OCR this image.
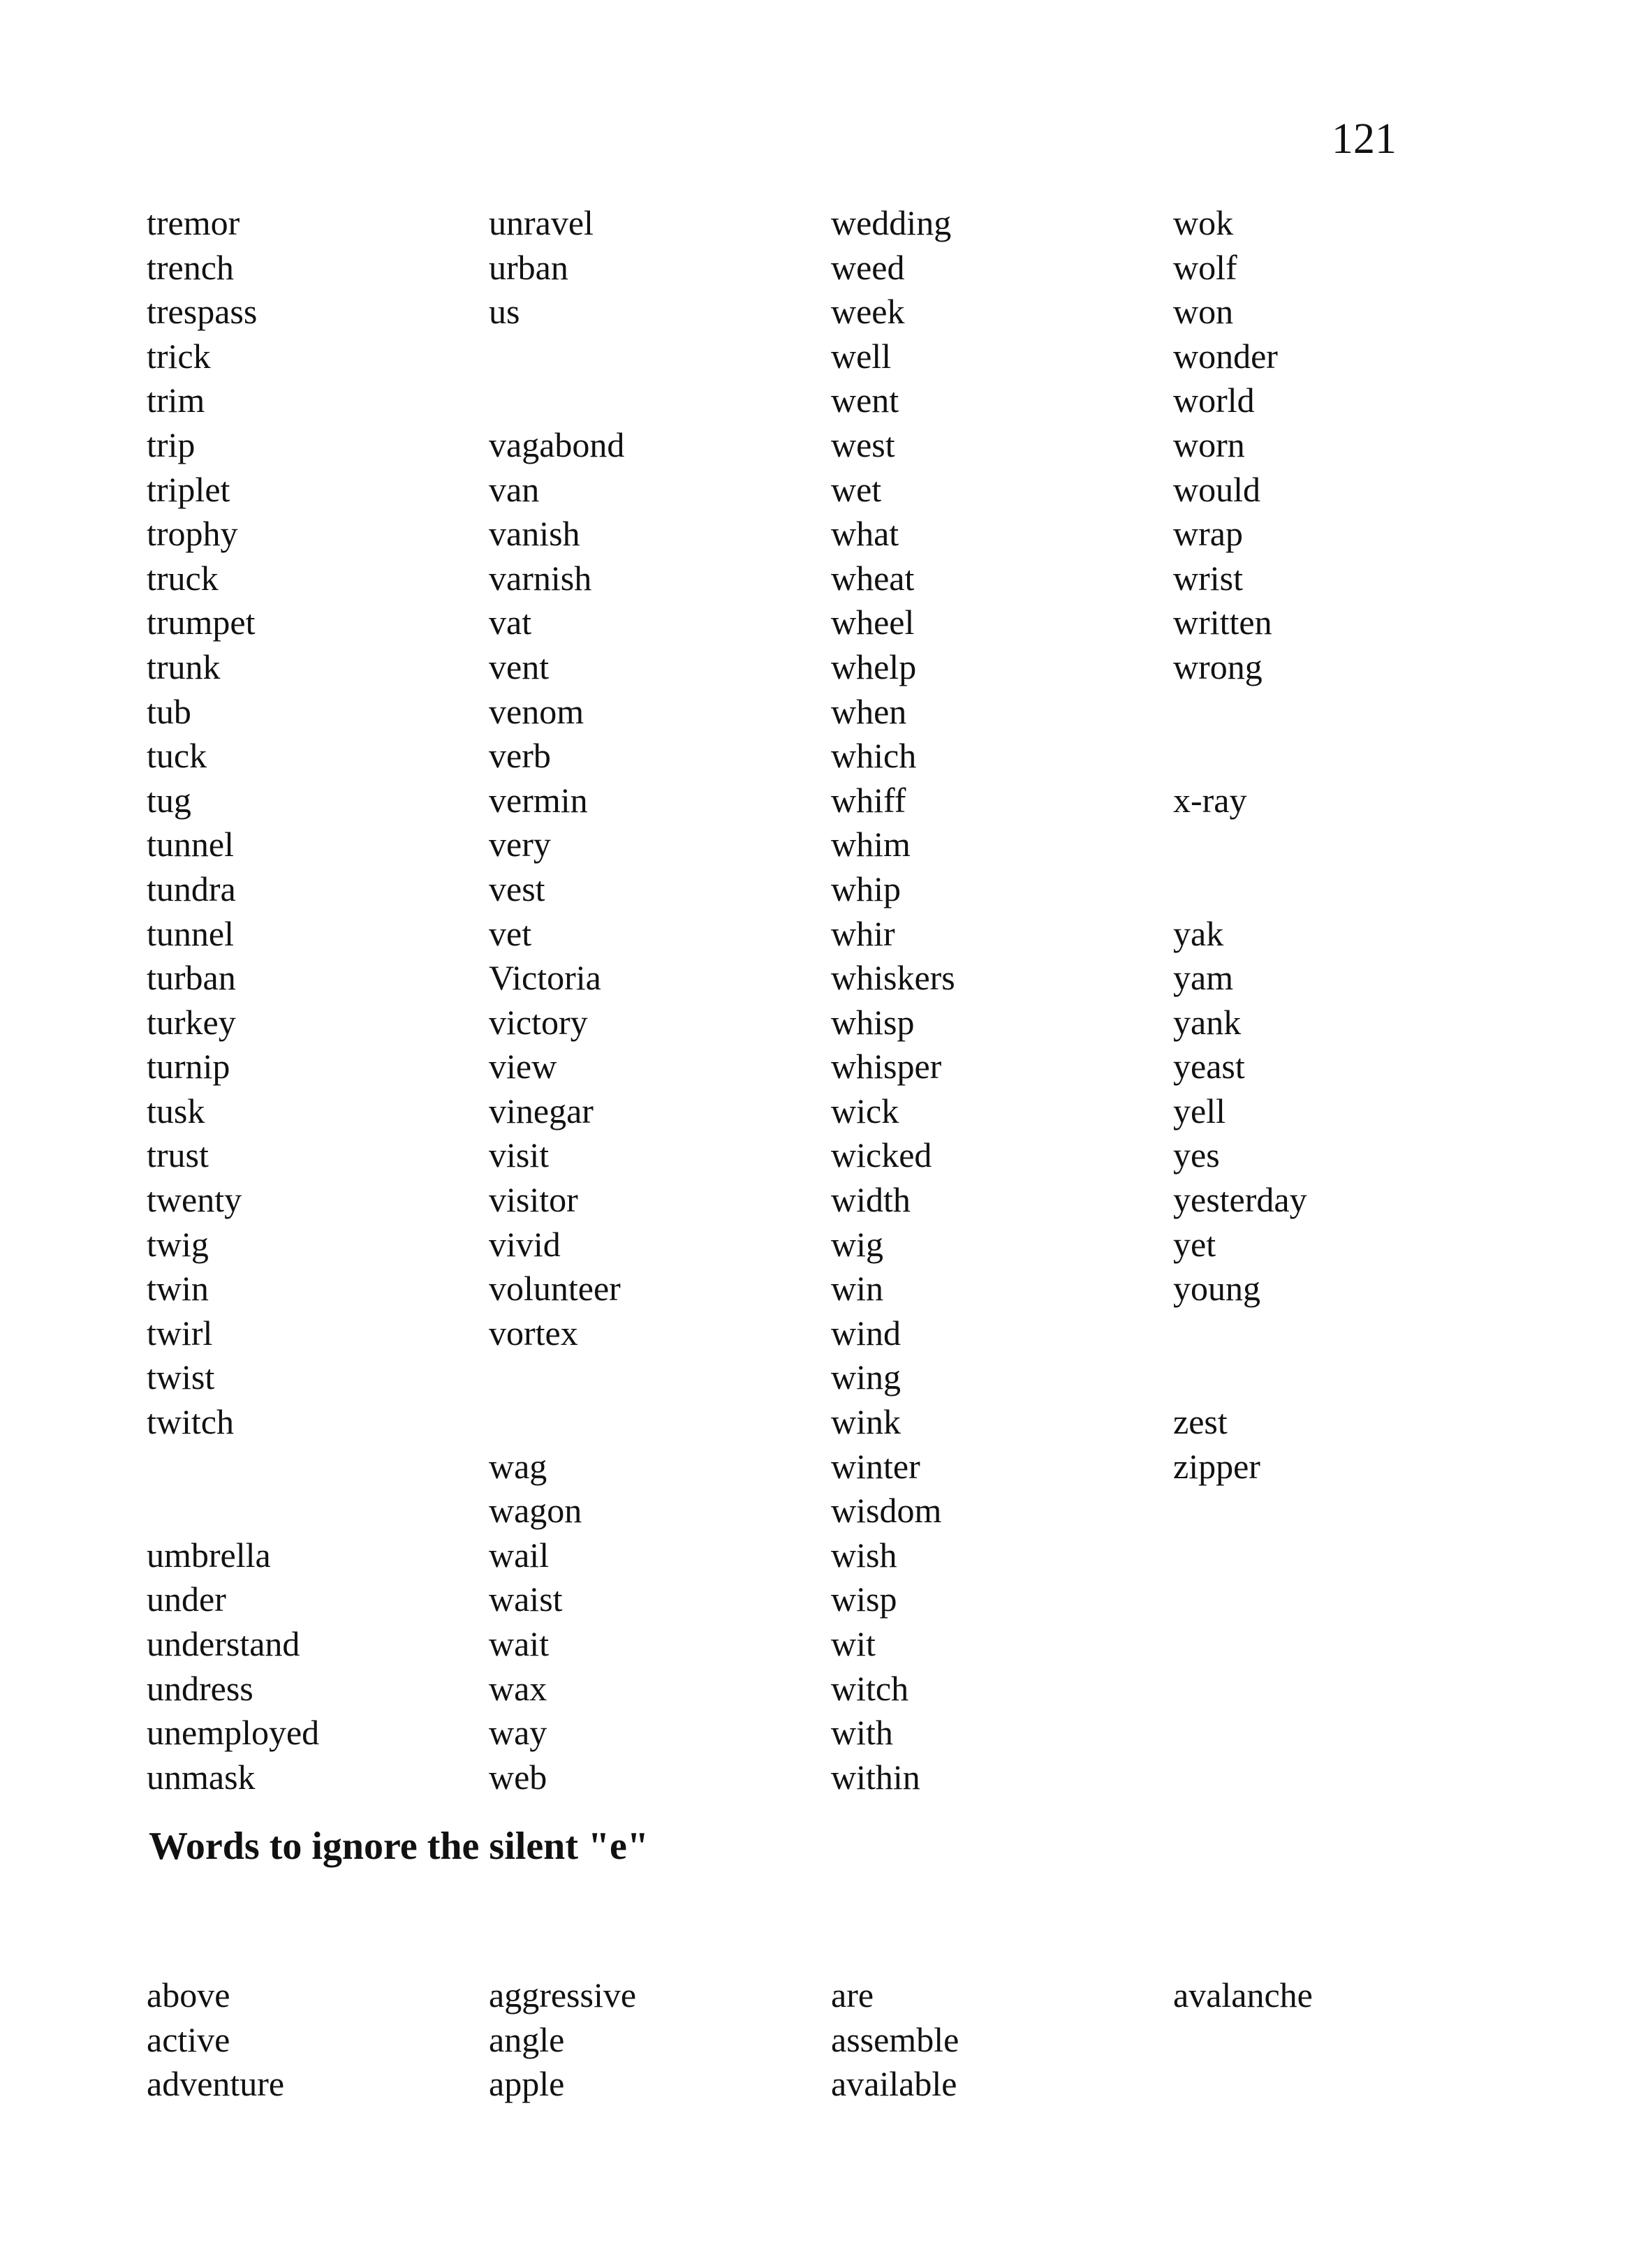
121
tremor
trench
trespass
trick
trim
trip
triplet
trophy
truck
trumpet
trunk
tub
tuck
tug
tunnel
tundra
tunnel
turban
turkey
turnip
tusk
trust
twenty
twig
twin
twirl
twist
twitch
umbrella
under
understand
undress
unemployed
unmask
unravel
urban
us
vagabond
van
vanish
varnish
vat
vent
venom
verb
vermin
very
vest
vet
Victoria
victory
view
vinegar
visit
visitor
vivid
volunteer
vortex
wag
wagon
wail
waist
wait
wax
way
web
wedding
weed
week
well
went
west
wet
what
wheat
wheel
whelp
when
which
whiff
whim
whip
whir
whiskers
whisp
whisper
wick
wicked
width
wig
win
wind
wing
wink
winter
wisdom
wish
wisp
wit
witch
with
within
wok
wolf
won
wonder
world
worn
would
wrap
wrist
written
wrong
x-ray
yak
yam
yank
yeast
yell
yes
yesterday
yet
young
zest
zipper
Words to ignore the silent "e"
above
active
adventure
aggressive
angle
apple
are
assemble
available
avalanche
